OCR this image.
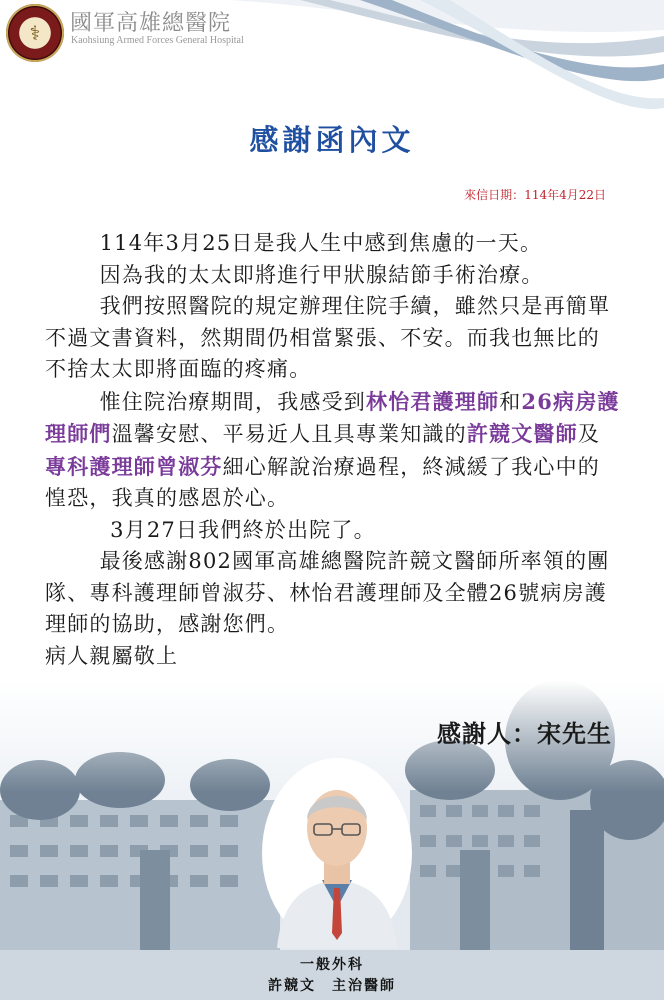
⚕	國軍高雄總醫院
Kaohsiung Armed Forces General Hospital
感謝函內文
來信日期：114年4月22日

114年3月25日是我人生中感到焦慮的一天。

因為我的太太即將進行甲狀腺結節手術治療。

我們按照醫院的規定辦理住院手續，雖然只是再簡單不過文書資料，然期間仍相當緊張、不安。而我也無比的不捨太太即將面臨的疼痛。

惟住院治療期間，我感受到林怡君護理師和26病房護理師們溫馨安慰、平易近人且具專業知識的許競文醫師及專科護理師曾淑芬細心解說治療過程，終減緩了我心中的惶恐，我真的感恩於心。

3月27日我們終於出院了。

最後感謝802國軍高雄總醫院許競文醫師所率領的團隊、專科護理師曾淑芬、林怡君護理師及全體26號病房護理師的協助，感謝您們。

病人親屬敬上

感謝人：宋先生
一般外科
許競文 主治醫師
